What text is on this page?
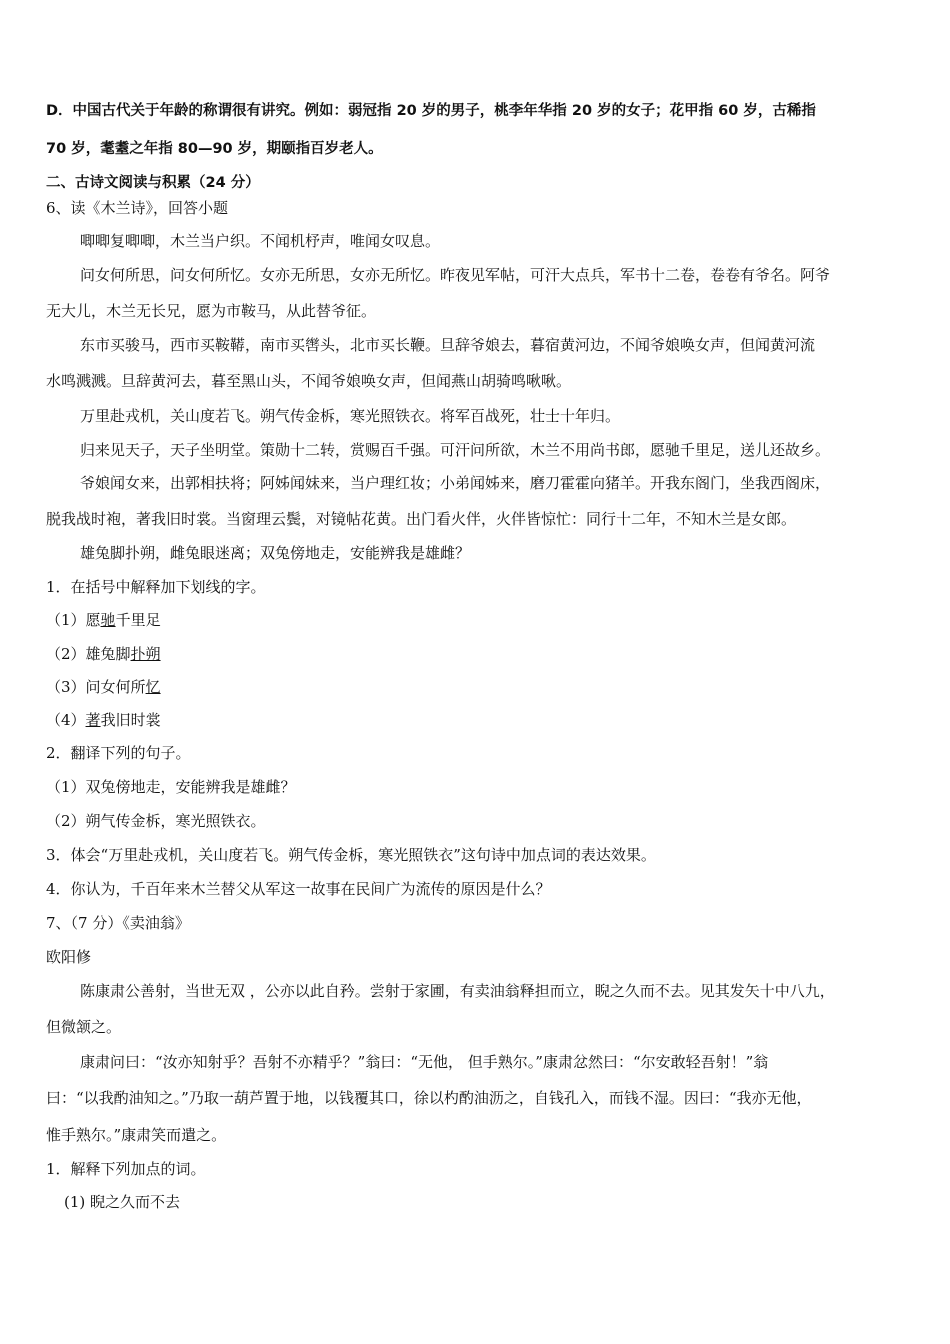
D．中国古代关于年龄的称谓很有讲究。例如：弱冠指 20 岁的男子，桃李年华指 20 岁的女子；花甲指 60 岁，古稀指
70 岁，耄耋之年指 80—90 岁，期颐指百岁老人。
二、古诗文阅读与积累（24 分）
6、读《木兰诗》，回答小题
唧唧复唧唧，木兰当户织。不闻机杼声，唯闻女叹息。
问女何所思，问女何所忆。女亦无所思，女亦无所忆。昨夜见军帖，可汗大点兵，军书十二卷，卷卷有爷名。阿爷
无大儿，木兰无长兄，愿为市鞍马，从此替爷征。
东市买骏马，西市买鞍鞯，南市买辔头，北市买长鞭。旦辞爷娘去，暮宿黄河边，不闻爷娘唤女声，但闻黄河流
水鸣溅溅。旦辞黄河去，暮至黑山头，不闻爷娘唤女声，但闻燕山胡骑鸣啾啾。
万里赴戎机，关山度若飞。朔气传金柝，寒光照铁衣。将军百战死，壮士十年归。
归来见天子，天子坐明堂。策勋十二转，赏赐百千强。可汗问所欲，木兰不用尚书郎，愿驰千里足，送儿还故乡。
爷娘闻女来，出郭相扶将；阿姊闻妹来，当户理红妆；小弟闻姊来，磨刀霍霍向猪羊。开我东阁门，坐我西阁床，
脱我战时袍，著我旧时裳。当窗理云鬓，对镜帖花黄。出门看火伴，火伴皆惊忙：同行十二年，不知木兰是女郎。
雄兔脚扑朔，雌兔眼迷离；双兔傍地走，安能辨我是雄雌？
1．在括号中解释加下划线的字。
（1）愿驰千里足
（2）雄兔脚扑朔
（3）问女何所忆
（4）著我旧时裳
2．翻译下列的句子。
（1）双兔傍地走，安能辨我是雄雌？
（2）朔气传金柝，寒光照铁衣。
3．体会“万里赴戎机，关山度若飞。朔气传金柝，寒光照铁衣”这句诗中加点词的表达效果。
4．你认为，千百年来木兰替父从军这一故事在民间广为流传的原因是什么？
7、（7 分）《卖油翁》
欧阳修
陈康肃公善射，当世无双 ，公亦以此自矜。尝射于家圃，有卖油翁释担而立，睨之久而不去。见其发矢十中八九，
但微颔之。
康肃问曰：“汝亦知射乎？吾射不亦精乎？”翁曰：“无他， 但手熟尔。”康肃忿然曰：“尔安敢轻吾射！”翁
曰：“以我酌油知之。”乃取一葫芦置于地，以钱覆其口，徐以杓酌油沥之，自钱孔入，而钱不湿。因曰：“我亦无他，
惟手熟尔。”康肃笑而遣之。
1．解释下列加点的词。
(1) 睨之久而不去
